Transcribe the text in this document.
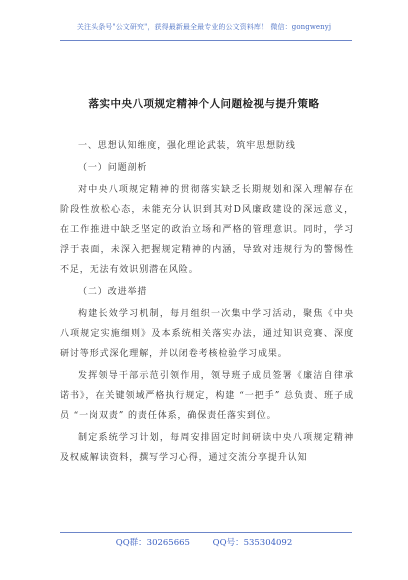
关注头条号"公文研究"，获得最新最全最专业的公文资料库！ 微信：gongwenyj
落实中央八项规定精神个人问题检视与提升策略

一、思想认知维度，强化理论武装，筑牢思想防线

（一）问题剖析

对中央八项规定精神的贯彻落实缺乏长期规划和深入理解存在阶段性放松心态，未能充分认识到其对D风廉政建设的深远意义，在工作推进中缺乏坚定的政治立场和严格的管理意识。同时，学习浮于表面，未深入把握规定精神的内涵，导致对违规行为的警惕性不足，无法有效识别潜在风险。

（二）改进举措

构建长效学习机制，每月组织一次集中学习活动，聚焦《中央八项规定实施细则》及本系统相关落实办法，通过知识竞赛、深度研讨等形式深化理解，并以闭卷考核检验学习成果。

发挥领导干部示范引领作用，领导班子成员签署《廉洁自律承诺书》，在关键领域严格执行规定，构建 “一把手” 总负责、班子成员 “一岗双责” 的责任体系，确保责任落实到位。

制定系统学习计划，每周安排固定时间研读中央八项规定精神及权威解读资料，撰写学习心得，通过交流分享提升认知

QQ群：30265665	QQ号：535304092
